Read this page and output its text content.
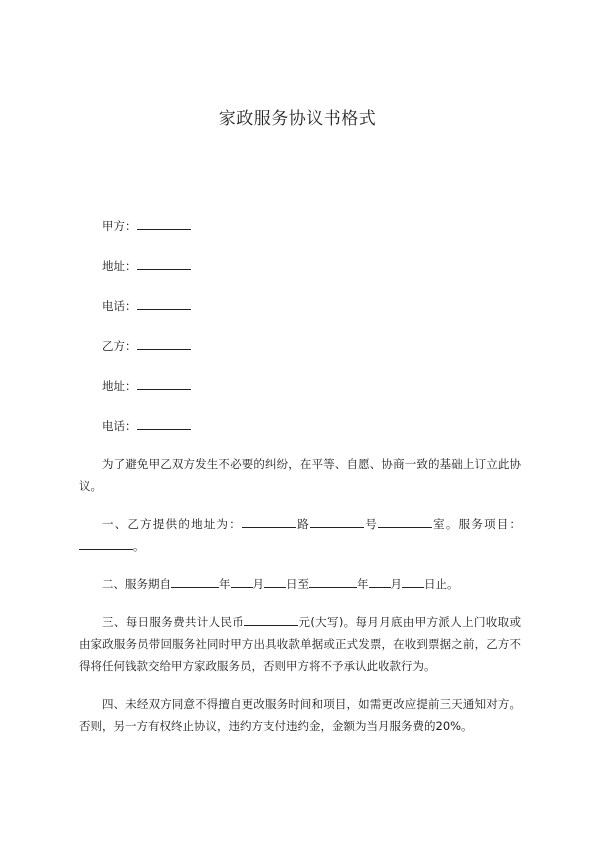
家政服务协议书格式
甲方：
地址：
电话：
乙方：
地址：
电话：
为了避免甲乙双方发生不必要的纠纷，在平等、自愿、协商一致的基础上订立此协议。
一、乙方提供的地址为：	路	号	室。服务项目：。
二、服务期自	年 月 日至	年 月 日止。
三、每日服务费共计人民币	元(大写)。每月月底由甲方派人上门收取或由家政服务员带回服务社同时甲方出具收款单据或正式发票，在收到票据之前，乙方不得将任何钱款交给甲方家政服务员，否则甲方将不予承认此收款行为。
四、未经双方同意不得擅自更改服务时间和项目，如需更改应提前三天通知对方。否则，另一方有权终止协议，违约方支付违约金，金额为当月服务费的20%。
